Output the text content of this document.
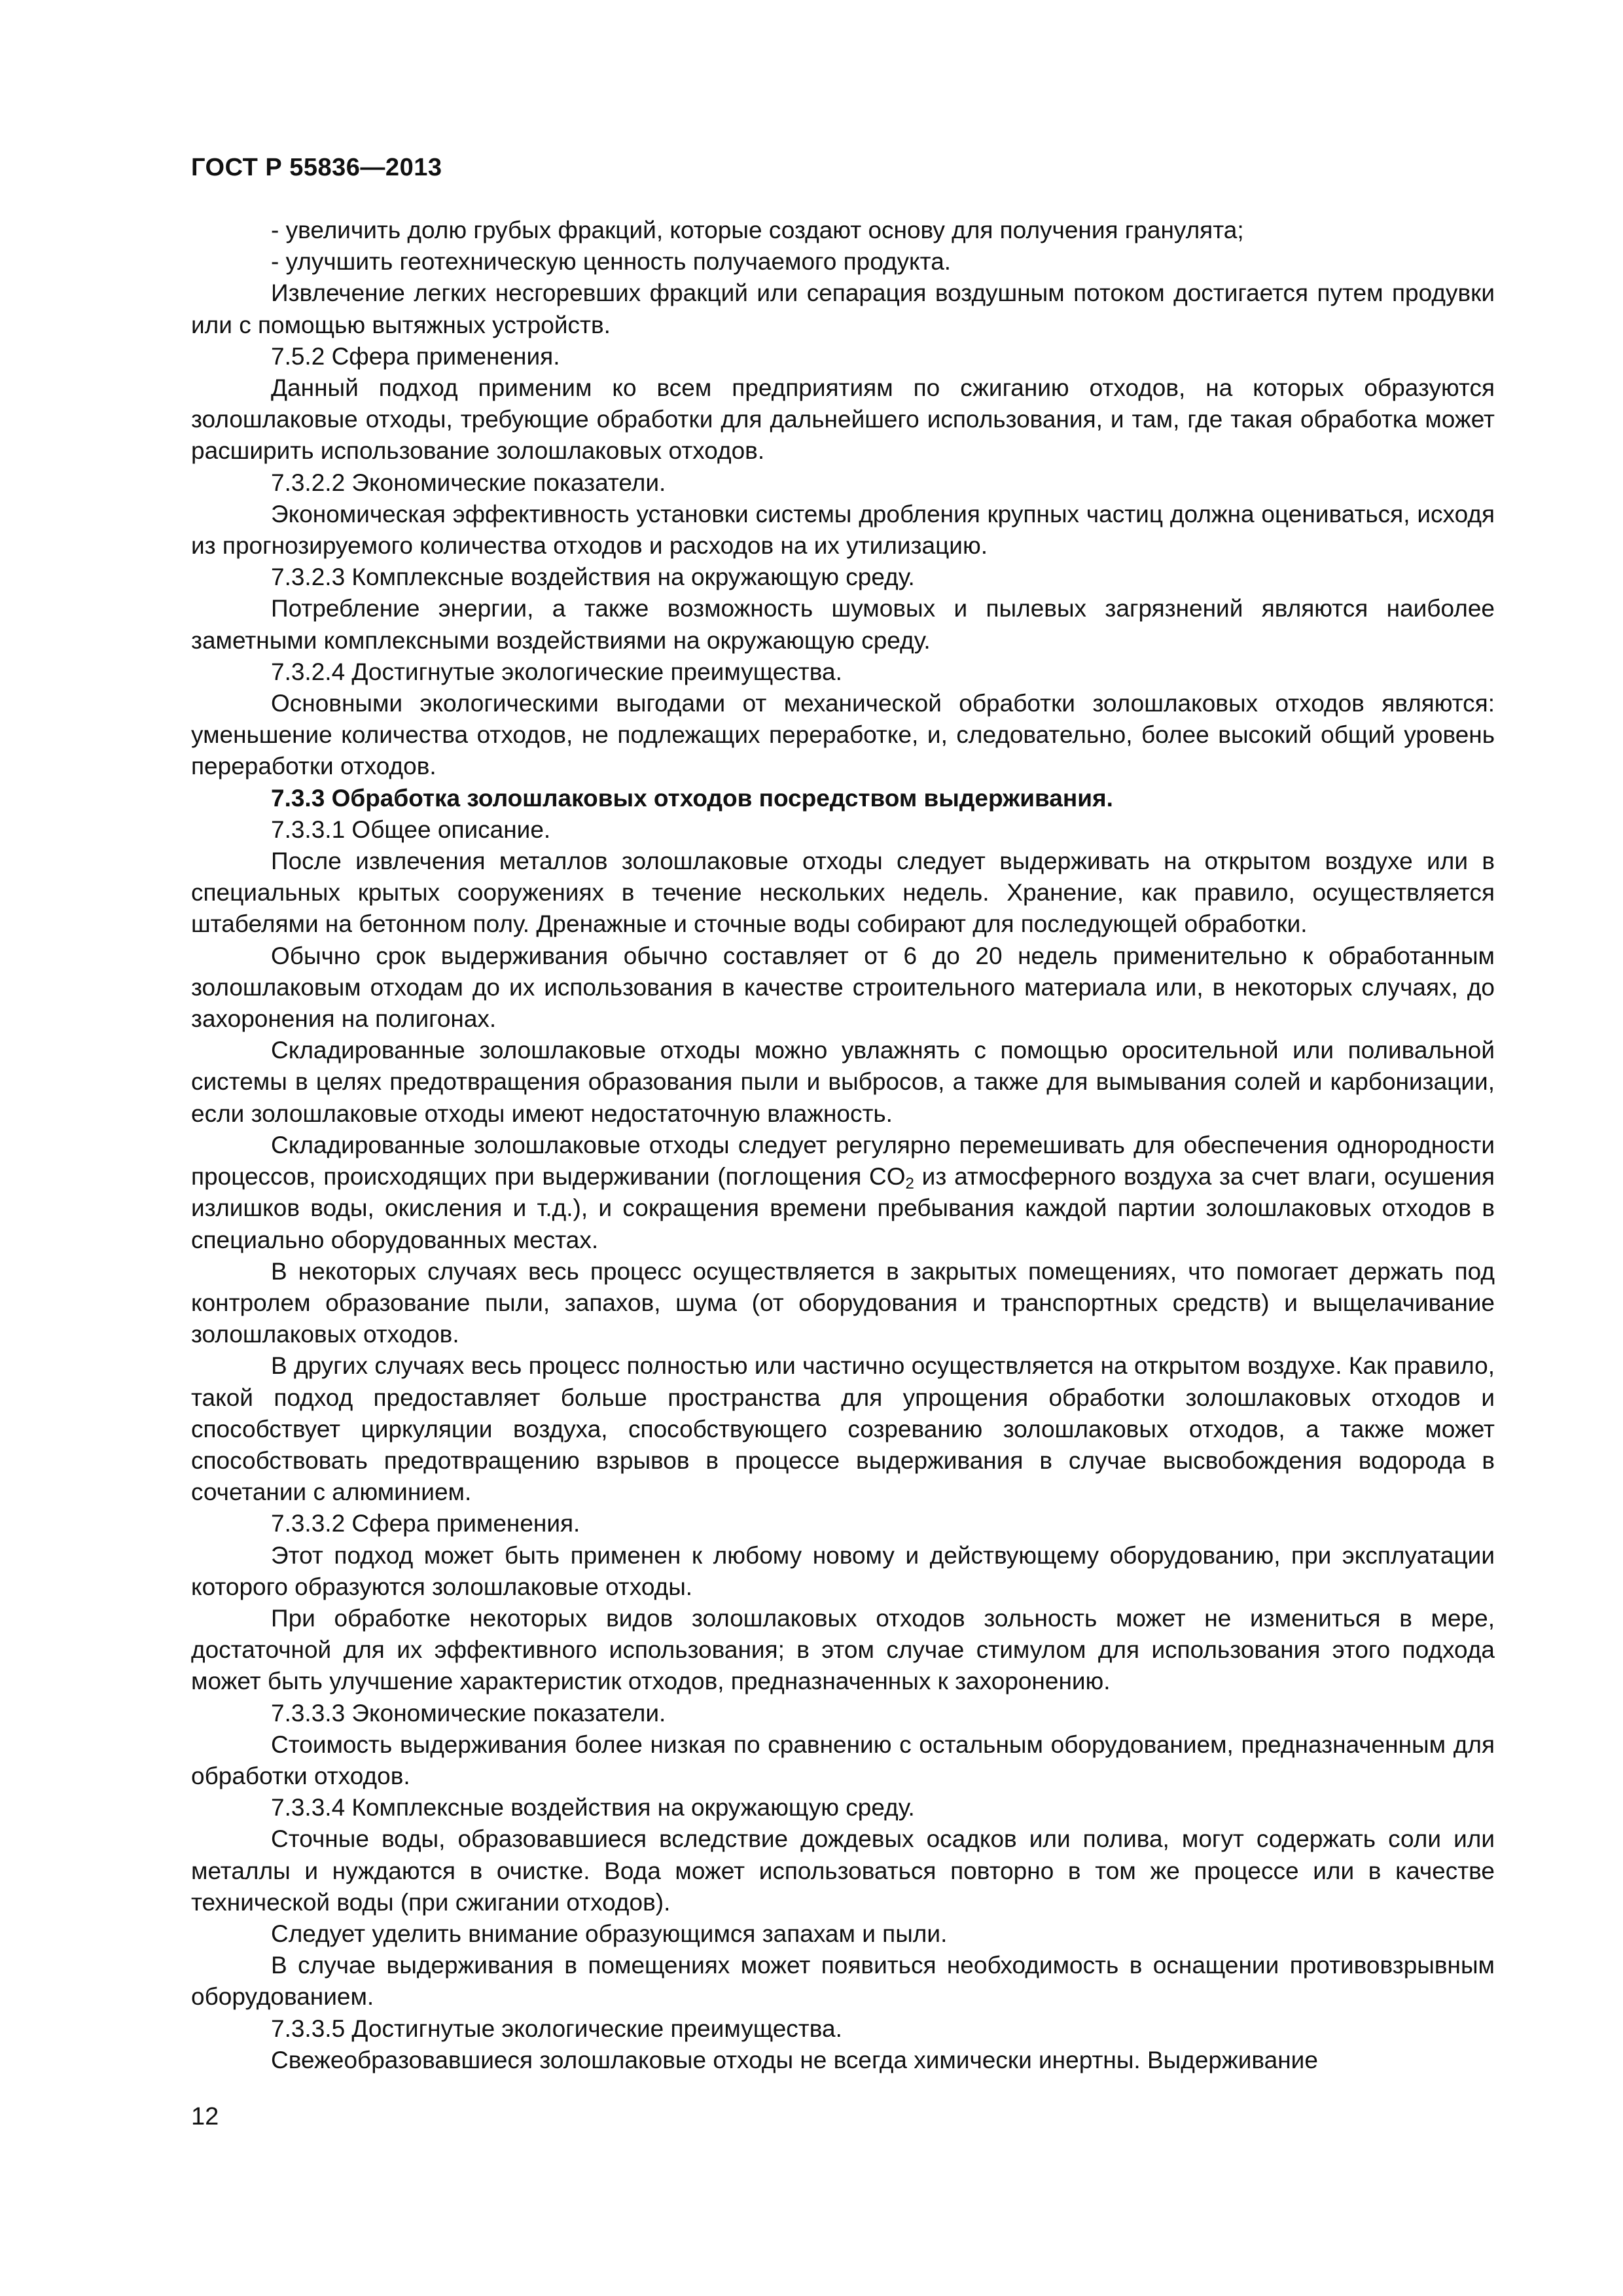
ГОСТ Р 55836—2013

- увеличить долю грубых фракций, которые создают основу для получения гранулята;

- улучшить геотехническую ценность получаемого продукта.

Извлечение легких несгоревших фракций или сепарация воздушным потоком достигается путем продувки или с помощью вытяжных устройств.

7.5.2 Сфера применения.

Данный подход применим ко всем предприятиям по сжиганию отходов, на которых образуются золошлаковые отходы, требующие обработки для дальнейшего использования, и там, где такая обработка может расширить использование золошлаковых отходов.

7.3.2.2 Экономические показатели.

Экономическая эффективность установки системы дробления крупных частиц должна оцениваться, исходя из прогнозируемого количества отходов и расходов на их утилизацию.

7.3.2.3 Комплексные воздействия на окружающую среду.

Потребление энергии, а также возможность шумовых и пылевых загрязнений являются наиболее заметными комплексными воздействиями на окружающую среду.

7.3.2.4 Достигнутые экологические преимущества.

Основными экологическими выгодами от механической обработки золошлаковых отходов являются: уменьшение количества отходов, не подлежащих переработке, и, следовательно, более высокий общий уровень переработки отходов.

7.3.3 Обработка золошлаковых отходов посредством выдерживания.

7.3.3.1 Общее описание.

После извлечения металлов золошлаковые отходы следует выдерживать на открытом воздухе или в специальных крытых сооружениях в течение нескольких недель. Хранение, как правило, осуществляется штабелями на бетонном полу. Дренажные и сточные воды собирают для последующей обработки.

Обычно срок выдерживания обычно составляет от 6 до 20 недель применительно к обработанным золошлаковым отходам до их использования в качестве строительного материала или, в некоторых случаях, до захоронения на полигонах.

Складированные золошлаковые отходы можно увлажнять с помощью оросительной или поливальной системы в целях предотвращения образования пыли и выбросов, а также для вымывания солей и карбонизации, если золошлаковые отходы имеют недостаточную влажность.

Складированные золошлаковые отходы следует регулярно перемешивать для обеспечения однородности процессов, происходящих при выдерживании (поглощения $CO_2$ из атмосферного воздуха за счет влаги, осушения излишков воды, окисления и т.д.), и сокращения времени пребывания каждой партии золошлаковых отходов в специально оборудованных местах.

В некоторых случаях весь процесс осуществляется в закрытых помещениях, что помогает держать под контролем образование пыли, запахов, шума (от оборудования и транспортных средств) и выщелачивание золошлаковых отходов.

В других случаях весь процесс полностью или частично осуществляется на открытом воздухе. Как правило, такой подход предоставляет больше пространства для упрощения обработки золошлаковых отходов и способствует циркуляции воздуха, способствующего созреванию золошлаковых отходов, а также может способствовать предотвращению взрывов в процессе выдерживания в случае высвобождения водорода в сочетании с алюминием.

7.3.3.2 Сфера применения.

Этот подход может быть применен к любому новому и действующему оборудованию, при эксплуатации которого образуются золошлаковые отходы.

При обработке некоторых видов золошлаковых отходов зольность может не измениться в мере, достаточной для их эффективного использования; в этом случае стимулом для использования этого подхода может быть улучшение характеристик отходов, предназначенных к захоронению.

7.3.3.3 Экономические показатели.

Стоимость выдерживания более низкая по сравнению с остальным оборудованием, предназначенным для обработки отходов.

7.3.3.4 Комплексные воздействия на окружающую среду.

Сточные воды, образовавшиеся вследствие дождевых осадков или полива, могут содержать соли или металлы и нуждаются в очистке. Вода может использоваться повторно в том же процессе или в качестве технической воды (при сжигании отходов).

Следует уделить внимание образующимся запахам и пыли.

В случае выдерживания в помещениях может появиться необходимость в оснащении противовзрывным оборудованием.

7.3.3.5 Достигнутые экологические преимущества.

Свежеобразовавшиеся золошлаковые отходы не всегда химически инертны. Выдерживание

12
